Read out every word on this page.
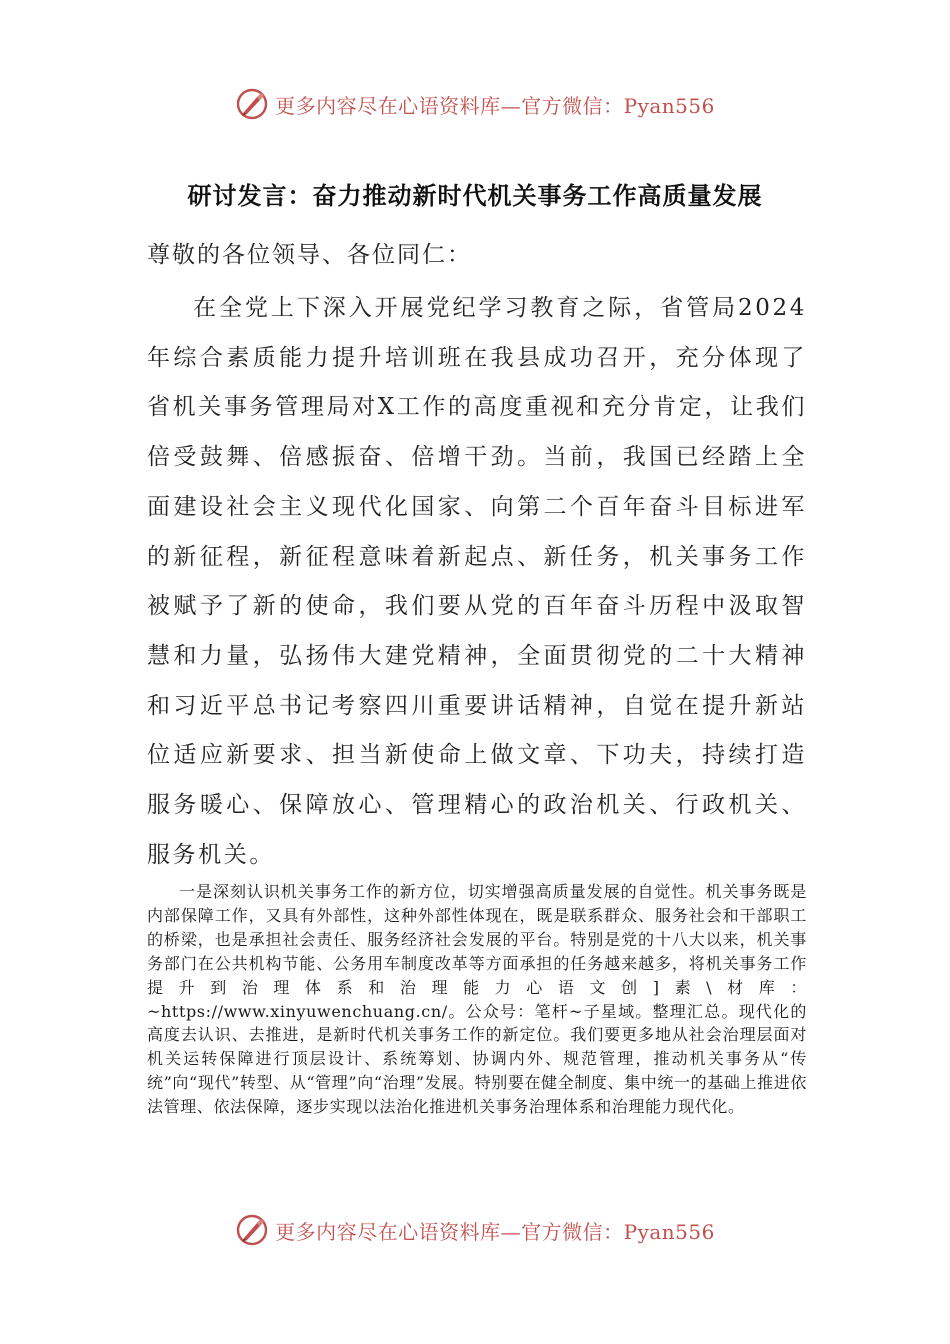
更多内容尽在心语资料库—官方微信：Pyan556
研讨发言：奋力推动新时代机关事务工作高质量发展
尊敬的各位领导、各位同仁：

在全党上下深入开展党纪学习教育之际，省管局2024年综合素质能力提升培训班在我县成功召开，充分体现了省机关事务管理局对X工作的高度重视和充分肯定，让我们倍受鼓舞、倍感振奋、倍增干劲。当前，我国已经踏上全面建设社会主义现代化国家、向第二个百年奋斗目标进军的新征程，新征程意味着新起点、新任务，机关事务工作被赋予了新的使命，我们要从党的百年奋斗历程中汲取智慧和力量，弘扬伟大建党精神，全面贯彻党的二十大精神和习近平总书记考察四川重要讲话精神，自觉在提升新站位适应新要求、担当新使命上做文章、下功夫，持续打造服务暖心、保障放心、管理精心的政治机关、行政机关、服务机关。

一是深刻认识机关事务工作的新方位，切实增强高质量发展的自觉性。机关事务既是内部保障工作，又具有外部性，这种外部性体现在，既是联系群众、服务社会和干部职工的桥梁，也是承担社会责任、服务经济社会发展的平台。特别是党的十八大以来，机关事务部门在公共机构节能、公务用车制度改革等方面承担的任务越来越多，将机关事务工作提升到治理体系和治理能力心语文创]素\材库：~https://www.xinyuwenchuang.cn/。公众号：笔杆~子星域。整理汇总。现代化的高度去认识、去推进，是新时代机关事务工作的新定位。我们要更多地从社会治理层面对机关运转保障进行顶层设计、系统筹划、协调内外、规范管理，推动机关事务从“传统”向“现代”转型、从“管理”向“治理”发展。特别要在健全制度、集中统一的基础上推进依法管理、依法保障，逐步实现以法治化推进机关事务治理体系和治理能力现代化。

更多内容尽在心语资料库—官方微信：Pyan556
